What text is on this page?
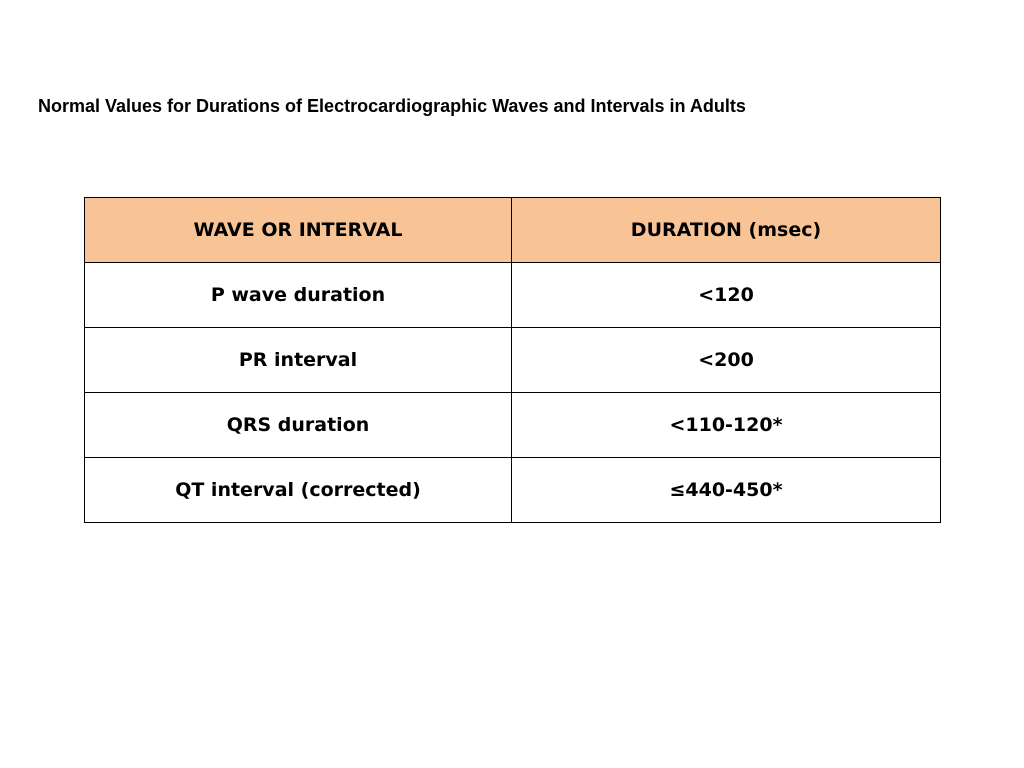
Normal Values for Durations of Electrocardiographic Waves and Intervals in Adults
WAVE OR INTERVAL	DURATION (msec)
P wave duration	<120
PR interval	<200
QRS duration	<110-120*
QT interval (corrected)	≤440-450*
